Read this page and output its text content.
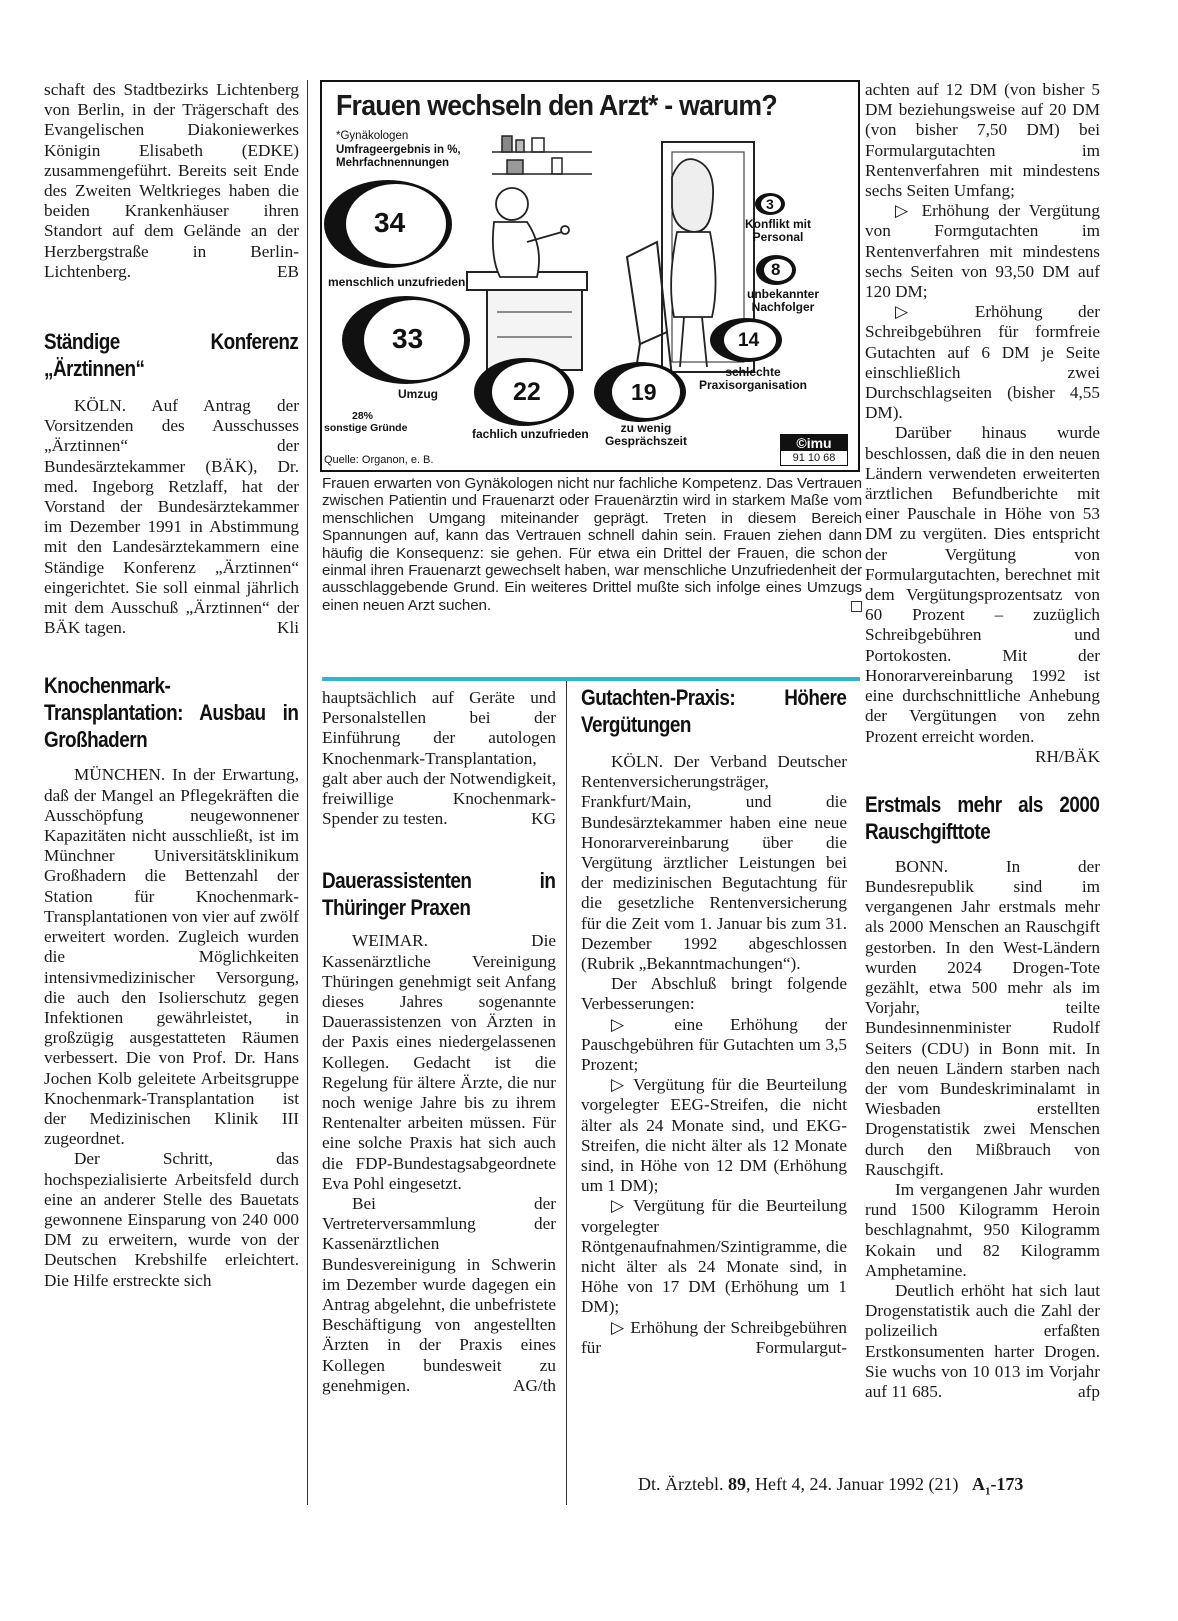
schaft des Stadtbezirks Lichtenberg von Berlin, in der Trägerschaft des Evangelischen Diakoniewerkes Königin Elisabeth (EDKE) zusammengeführt. Bereits seit Ende des Zweiten Weltkrieges haben die beiden Krankenhäuser ihren Standort auf dem Gelände an der Herzbergstraße in Berlin-Lichtenberg.	EB

Ständige Konferenz „Ärztinnen“

KÖLN. Auf Antrag der Vorsitzenden des Ausschusses „Ärztinnen“ der Bundesärztekammer (BÄK), Dr. med. Ingeborg Retzlaff, hat der Vorstand der Bundesärztekammer im Dezember 1991 in Abstimmung mit den Landesärztekammern eine Ständige Konferenz „Ärztinnen“ eingerichtet. Sie soll einmal jährlich mit dem Ausschuß „Ärztinnen“ der BÄK tagen.	Kli

Knochenmark-Transplantation: Ausbau in Großhadern

MÜNCHEN. In der Erwartung, daß der Mangel an Pflegekräften die Ausschöpfung neugewonnener Kapazitäten nicht ausschließt, ist im Münchner Universitätsklinikum Großhadern die Bettenzahl der Station für Knochenmark-Transplantationen von vier auf zwölf erweitert worden. Zugleich wurden die Möglichkeiten intensivmedizinischer Versorgung, die auch den Isolierschutz gegen Infektionen gewährleistet, in großzügig ausgestatteten Räumen verbessert. Die von Prof. Dr. Hans Jochen Kolb geleitete Arbeitsgruppe Knochenmark-Transplantation ist der Medizinischen Klinik III zugeordnet.

Der Schritt, das hochspezialisierte Arbeitsfeld durch eine an anderer Stelle des Bauetats gewonnene Einsparung von 240 000 DM zu erweitern, wurde von der Deutschen Krebshilfe erleichtert. Die Hilfe erstreckte sich

Frauen wechseln den Arzt* - warum?
*Gynäkologen
Umfrageergebnis in %,
Mehrfachnennungen
34
33
22	19
14
3
8
menschlich unzufrieden
Umzug
fachlich unzufrieden	zu wenig Gesprächszeit
schlechte Praxisorganisation
Konflikt mit Personal
unbekannter Nachfolger
28%
sonstige Gründe
Quelle: Organon, e. B.
©imu
91 10 68
Frauen erwarten von Gynäkologen nicht nur fachliche Kompetenz. Das Vertrauen zwischen Patientin und Frauenarzt oder Frauenärztin wird in starkem Maße vom menschlichen Umgang miteinander geprägt. Treten in diesem Bereich Spannungen auf, kann das Vertrauen schnell dahin sein. Frauen ziehen dann häufig die Konsequenz: sie gehen. Für etwa ein Drittel der Frauen, die schon einmal ihren Frauenarzt gewechselt haben, war menschliche Unzufriedenheit der ausschlaggebende Grund. Ein weiteres Drittel mußte sich infolge eines Umzugs einen neuen Arzt suchen.

hauptsächlich auf Geräte und Personalstellen bei der Einführung der autologen Knochenmark-Transplantation, galt aber auch der Notwendigkeit, freiwillige Knochenmark-Spender zu testen.	KG

Dauerassistenten in Thüringer Praxen

WEIMAR. Die Kassenärztliche Vereinigung Thüringen genehmigt seit Anfang dieses Jahres sogenannte Dauerassistenzen von Ärzten in der Paxis eines niedergelassenen Kollegen. Gedacht ist die Regelung für ältere Ärzte, die nur noch wenige Jahre bis zu ihrem Rentenalter arbeiten müssen. Für eine solche Praxis hat sich auch die FDP-Bundestagsabgeordnete Eva Pohl eingesetzt.

Bei der Vertreterversammlung der Kassenärztlichen Bundesvereinigung in Schwerin im Dezember wurde dagegen ein Antrag abgelehnt, die unbefristete Beschäftigung von angestellten Ärzten in der Praxis eines Kollegen bundesweit zu genehmigen.	AG/th

Gutachten-Praxis: Höhere Vergütungen

KÖLN. Der Verband Deutscher Rentenversicherungsträger, Frankfurt/Main, und die Bundesärztekammer haben eine neue Honorarvereinbarung über die Vergütung ärztlicher Leistungen bei der medizinischen Begutachtung für die gesetzliche Rentenversicherung für die Zeit vom 1. Januar bis zum 31. Dezember 1992 abgeschlossen (Rubrik „Bekanntmachungen“).

Der Abschluß bringt folgende Verbesserungen:

▷ eine Erhöhung der Pauschgebühren für Gutachten um 3,5 Prozent;

▷ Vergütung für die Beurteilung vorgelegter EEG-Streifen, die nicht älter als 24 Monate sind, und EKG-Streifen, die nicht älter als 12 Monate sind, in Höhe von 12 DM (Erhöhung um 1 DM);

▷ Vergütung für die Beurteilung vorgelegter Röntgenaufnahmen/Szintigramme, die nicht älter als 24 Monate sind, in Höhe von 17 DM (Erhöhung um 1 DM);

▷ Erhöhung der Schreibgebühren für Formulargut-

achten auf 12 DM (von bisher 5 DM beziehungsweise auf 20 DM (von bisher 7,50 DM) bei Formulargutachten im Rentenverfahren mit mindestens sechs Seiten Umfang;

▷ Erhöhung der Vergütung von Formgutachten im Rentenverfahren mit mindestens sechs Seiten von 93,50 DM auf 120 DM;

▷ Erhöhung der Schreibgebühren für formfreie Gutachten auf 6 DM je Seite einschließlich zwei Durchschlagseiten (bisher 4,55 DM).

Darüber hinaus wurde beschlossen, daß die in den neuen Ländern verwendeten erweiterten ärztlichen Befundberichte mit einer Pauschale in Höhe von 53 DM zu vergüten. Dies entspricht der Vergütung von Formulargutachten, berechnet mit dem Vergütungsprozentsatz von 60 Prozent – zuzüglich Schreibgebühren und Portokosten. Mit der Honorarvereinbarung 1992 ist eine durchschnittliche Anhebung der Vergütungen von zehn Prozent erreicht worden.
RH/BÄK

Erstmals mehr als 2000 Rauschgifttote

BONN. In der Bundesrepublik sind im vergangenen Jahr erstmals mehr als 2000 Menschen an Rauschgift gestorben. In den West-Ländern wurden 2024 Drogen-Tote gezählt, etwa 500 mehr als im Vorjahr, teilte Bundesinnenminister Rudolf Seiters (CDU) in Bonn mit. In den neuen Ländern starben nach der vom Bundeskriminalamt in Wiesbaden erstellten Drogenstatistik zwei Menschen durch den Mißbrauch von Rauschgift.

Im vergangenen Jahr wurden rund 1500 Kilogramm Heroin beschlagnahmt, 950 Kilogramm Kokain und 82 Kilogramm Amphetamine.

Deutlich erhöht hat sich laut Drogenstatistik auch die Zahl der polizeilich erfaßten Erstkonsumenten harter Drogen. Sie wuchs von 10 013 im Vorjahr auf 11 685.	afp

Dt. Ärztebl. 89, Heft 4, 24. Januar 1992 (21) $A_1-173$
